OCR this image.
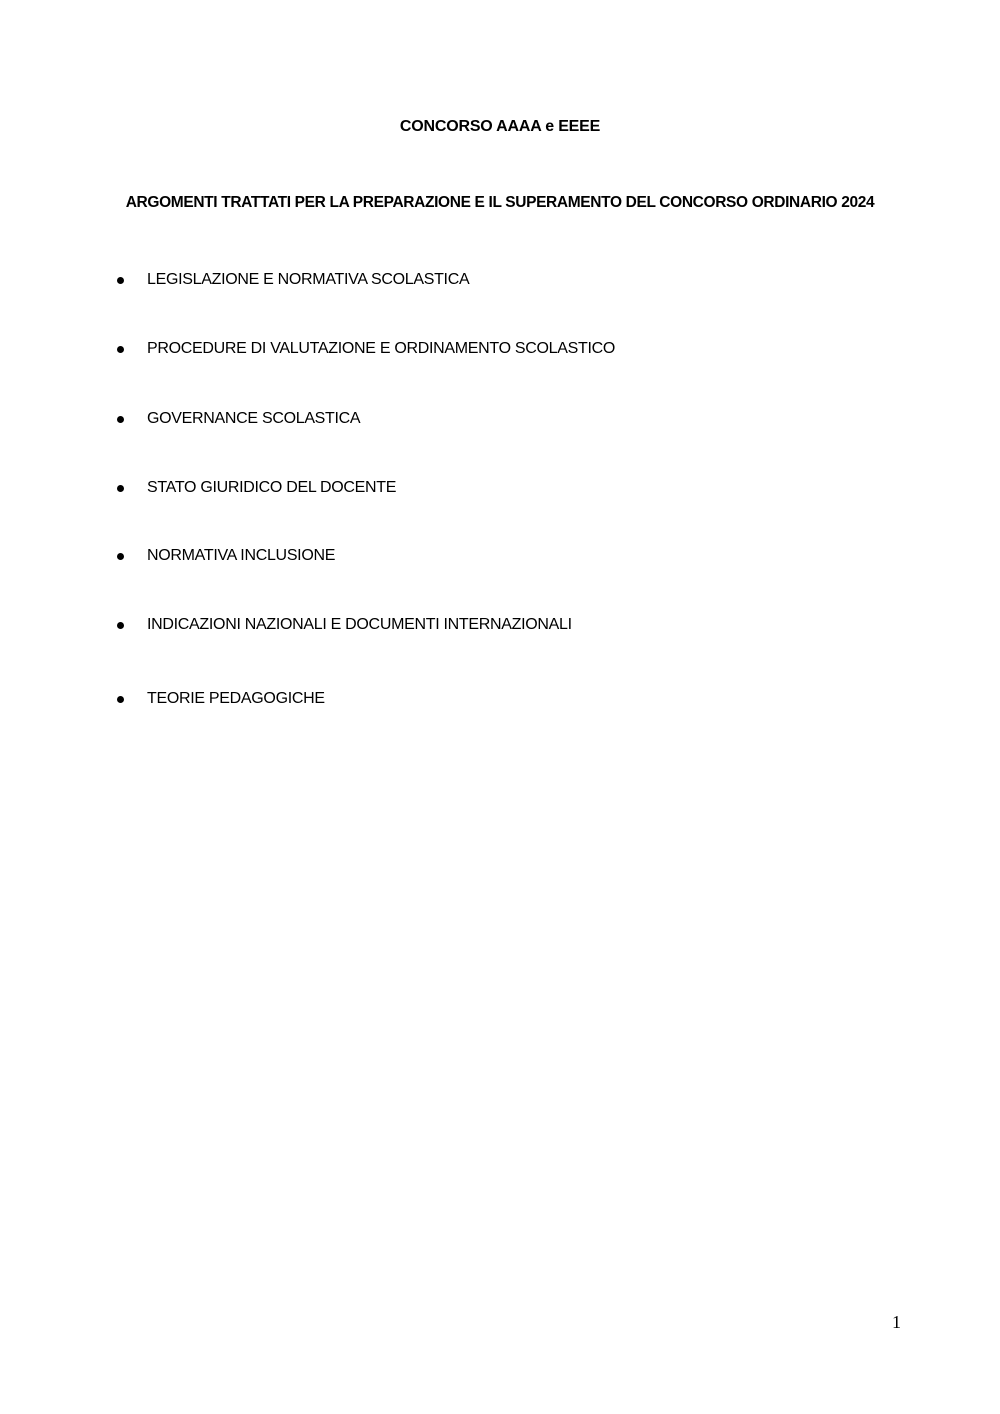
CONCORSO AAAA e EEEE
ARGOMENTI TRATTATI PER LA PREPARAZIONE E IL SUPERAMENTO DEL CONCORSO ORDINARIO 2024
LEGISLAZIONE E NORMATIVA SCOLASTICA
PROCEDURE DI VALUTAZIONE E ORDINAMENTO SCOLASTICO
GOVERNANCE SCOLASTICA
STATO GIURIDICO DEL DOCENTE
NORMATIVA INCLUSIONE
INDICAZIONI NAZIONALI E DOCUMENTI INTERNAZIONALI
TEORIE PEDAGOGICHE
1
